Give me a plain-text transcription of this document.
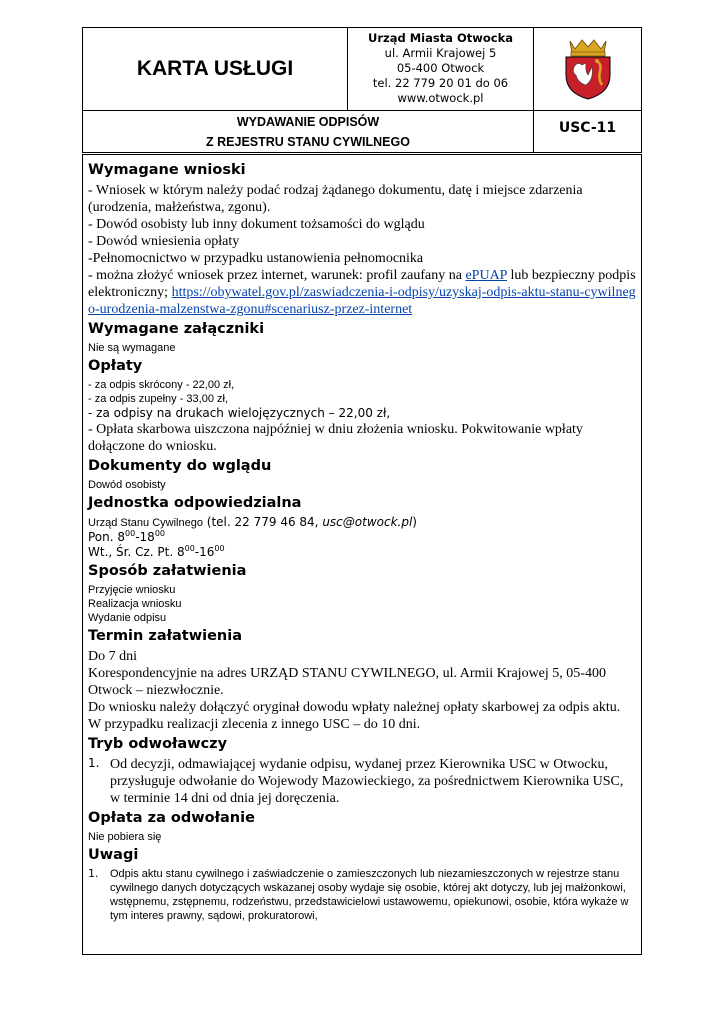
KARTA USŁUGI
Urząd Miasta Otwocka
ul. Armii Krajowej 5
05-400 Otwock
tel. 22 779 20 01 do 06
www.otwock.pl
WYDAWANIE ODPISÓW
Z REJESTRU STANU CYWILNEGO
USC-11
Wymagane wnioski

- Wniosek w którym należy podać rodzaj żądanego dokumentu, datę i miejsce zdarzenia (urodzenia, małżeństwa, zgonu).

- Dowód osobisty lub inny dokument tożsamości do wglądu

- Dowód wniesienia opłaty

-Pełnomocnictwo w przypadku ustanowienia pełnomocnika

- można złożyć wniosek przez internet, warunek: profil zaufany na ePUAP lub bezpieczny podpis elektroniczny; https://obywatel.gov.pl/zaswiadczenia-i-odpisy/uzyskaj-odpis-aktu-stanu-cywilnego-urodzenia-malzenstwa-zgonu#scenariusz-przez-internet

Wymagane załączniki

Nie są wymagane

Opłaty

- za odpis skrócony - 22,00 zł,

- za odpis zupełny - 33,00 zł,

- za odpisy na drukach wielojęzycznych – 22,00 zł,

- Opłata skarbowa uiszczona najpóźniej w dniu złożenia wniosku. Pokwitowanie wpłaty dołączone do wniosku.

Dokumenty do wglądu

Dowód osobisty

Jednostka odpowiedzialna

Urząd Stanu Cywilnego (tel. 22 779 46 84, usc@otwock.pl)

Pon. $8^{00}-18^{00}$

Wt., Śr. Cz. Pt. $8^{00}-16^{00}$

Sposób załatwienia

Przyjęcie wniosku

Realizacja wniosku

Wydanie odpisu

Termin załatwienia

Do 7 dni

Korespondencyjnie na adres URZĄD STANU CYWILNEGO, ul. Armii Krajowej 5, 05-400 Otwock – niezwłocznie.

Do wniosku należy dołączyć oryginał dowodu wpłaty należnej opłaty skarbowej za odpis aktu.

W przypadku realizacji zlecenia z innego USC – do 10 dni.

Tryb odwoławczy
1. Od decyzji, odmawiającej wydanie odpisu, wydanej przez Kierownika USC w Otwocku, przysługuje odwołanie do Wojewody Mazowieckiego, za pośrednictwem Kierownika USC, w terminie 14 dni od dnia jej doręczenia.

Opłata za odwołanie

Nie pobiera się

Uwagi
1.	Odpis aktu stanu cywilnego i zaświadczenie o zamieszczonych lub niezamieszczonych w rejestrze stanu cywilnego danych dotyczących wskazanej osoby wydaje się osobie, której akt dotyczy, lub jej małżonkowi, wstępnemu, zstępnemu, rodzeństwu, przedstawicielowi ustawowemu, opiekunowi, osobie, która wykaże w tym interes prawny, sądowi, prokuratorowi,
